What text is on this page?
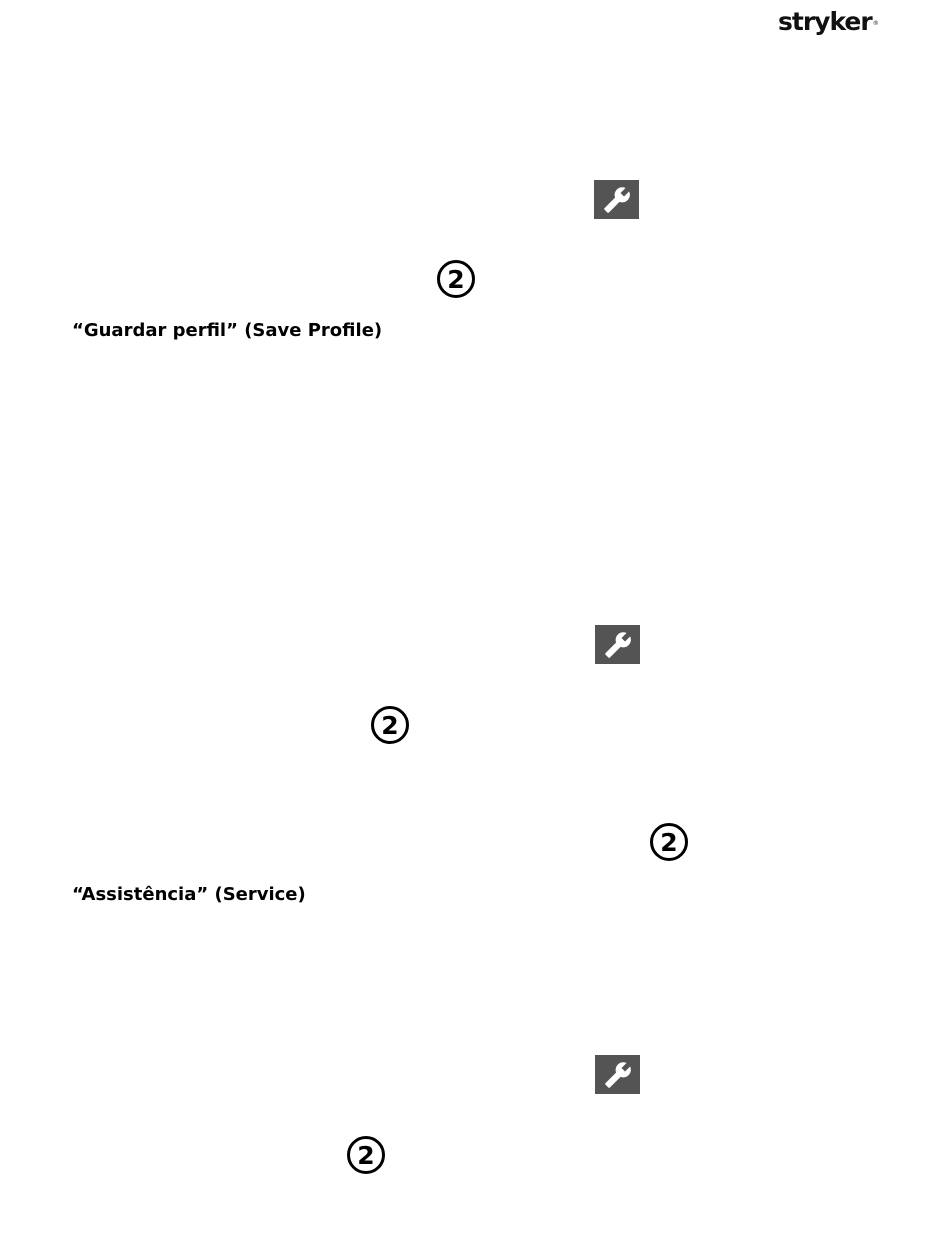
stryker®
2
“Guardar perfil” (Save Profile)
2
2
“Assistência” (Service)
2
